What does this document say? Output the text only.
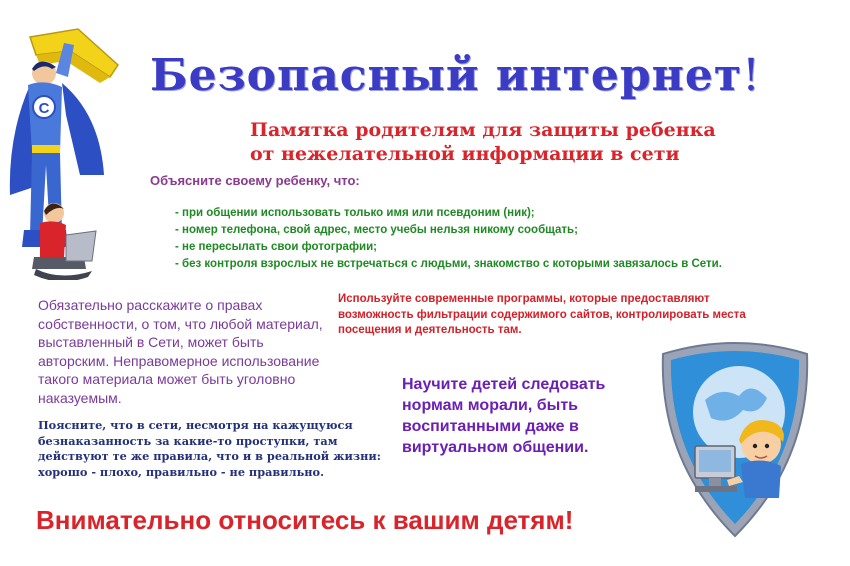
С
Безопасный интернет!
Памятка родителям для защиты ребенка
от нежелательной информации в сети
Объясните своему ребенку, что:
- при общении использовать только имя или псевдоним (ник);
- номер телефона, свой адрес, место учебы нельзя никому сообщать;
- не пересылать свои фотографии;
- без контроля взрослых не встречаться с людьми, знакомство с которыми завязалось в Сети.
Обязательно расскажите о правах собственности, о том, что любой материал, выставленный в Сети, может быть авторским. Неправомерное использование такого материала может быть уголовно наказуемым.
Используйте современные программы, которые предоставляют возможность фильтрации содержимого сайтов, контролировать места посещения и деятельность там.
Поясните, что в сети, несмотря на кажущуюся безнаказанность за какие-то проступки, там действуют те же правила, что и в реальной жизни: хорошо - плохо, правильно - не правильно.
Научите детей следовать нормам морали, быть воспитанными даже в виртуальном общении.
Внимательно относитесь к вашим детям!
